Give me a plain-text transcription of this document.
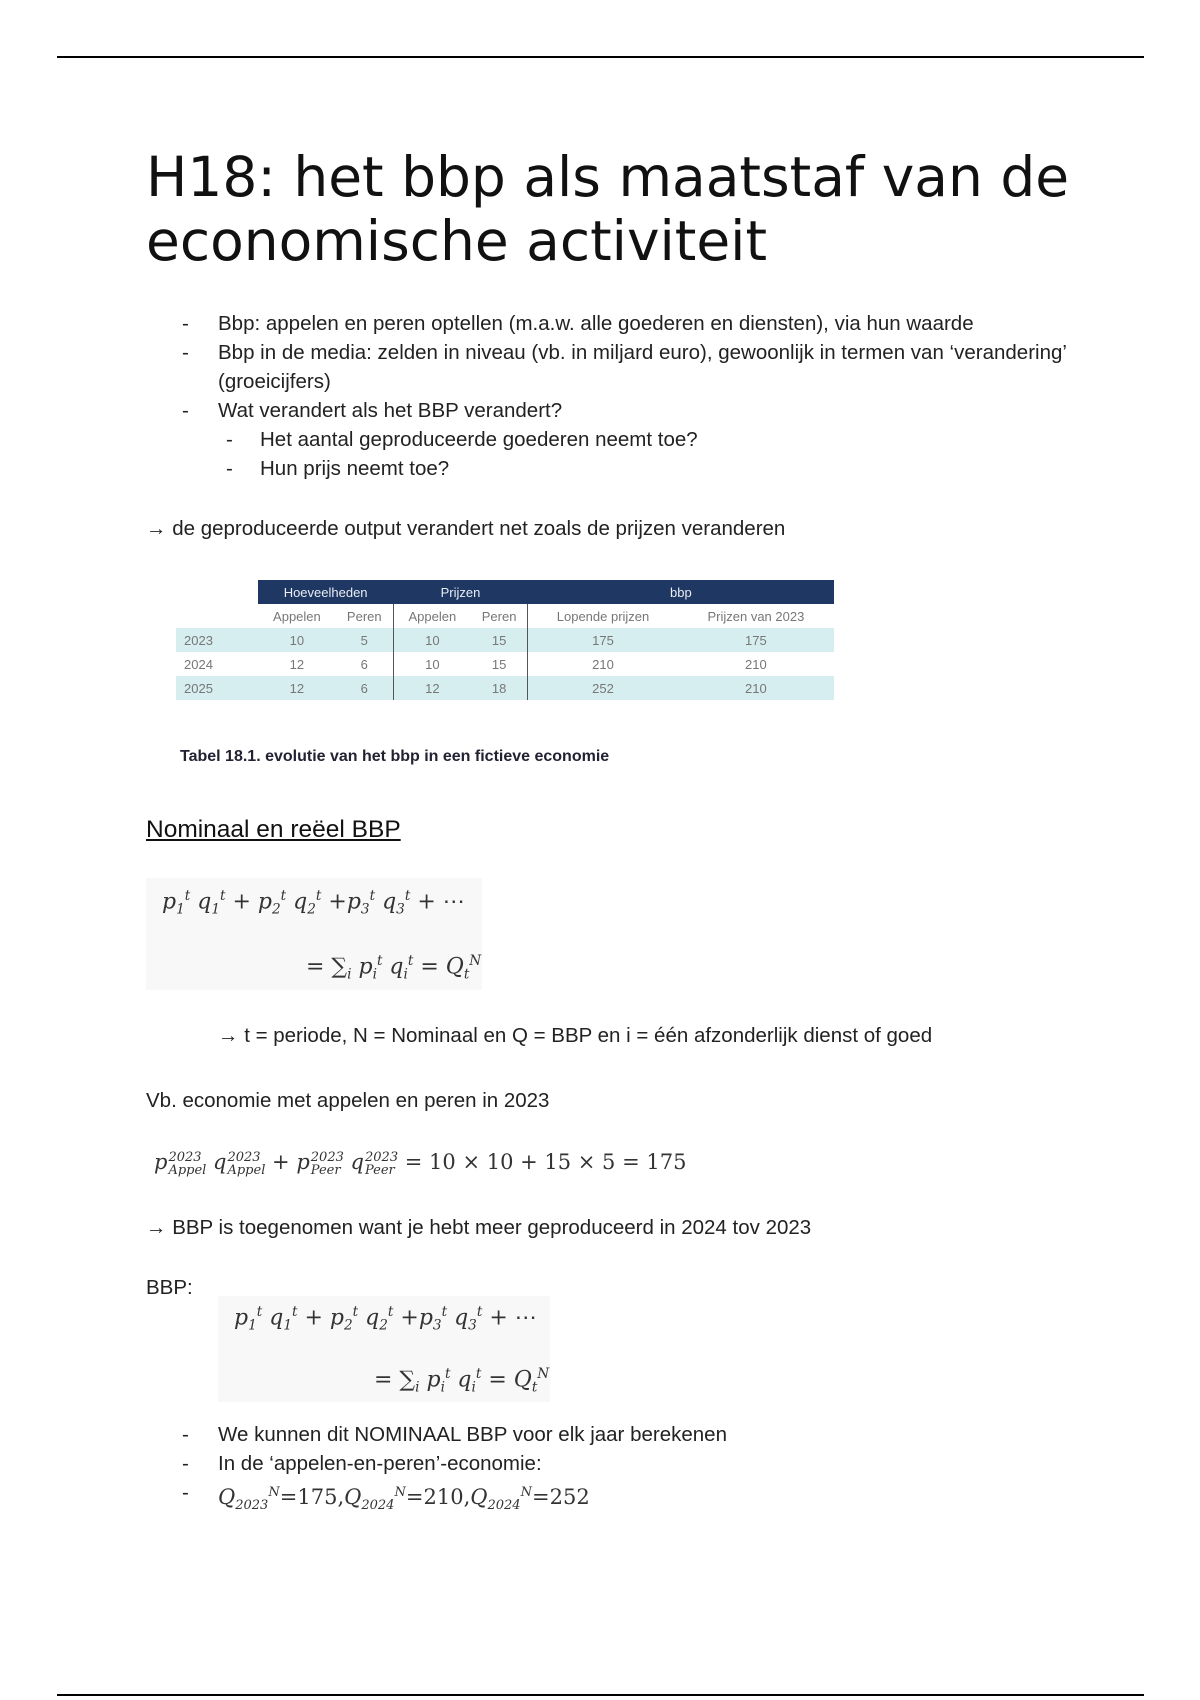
H18: het bbp als maatstaf van de economische activiteit
- Bbp: appelen en peren optellen (m.a.w. alle goederen en diensten), via hun waarde
- Bbp in de media: zelden in niveau (vb. in miljard euro), gewoonlijk in termen van ‘verandering’ (groeicijfers)
- Wat verandert als het BBP verandert?
- Het aantal geproduceerde goederen neemt toe?
- Hun prijs neemt toe?

→ de geproduceerde output verandert net zoals de prijzen veranderen

	Hoeveelheden		Prijzen		bbp	
	Appelen	Peren	Appelen	Peren	Lopende prijzen	Prijzen van 2023
2023	10	5	10	15	175	175
2024	12	6	10	15	210	210
2025	12	6	12	18	252	210
Tabel 18.1. evolutie van het bbp in een fictieve economie
Nominaal en reëel BBP
$p_1^t$ $q_1^t + p_2^t$ $q_2^t +p_3^t$ $q_3^t$ + ⋯
= $\sum_i$ $p_i^t$ $q_i^t = Q_t^N$

→ t = periode, N = Nominaal en Q = BBP en i = één afzonderlijk dienst of goed

Vb. economie met appelen en peren in 2023

p 2023
Appel q 2023
Appel + p 2023
Peer q 2023
Peer = 10 × 10 + 15 × 5 = 175

→ BBP is toegenomen want je hebt meer geproduceerd in 2024 tov 2023

BBP:

$p_1^t$ $q_1^t + p_2^t$ $q_2^t +p_3^t$ $q_3^t$ + ⋯
= $\sum_i$ $p_i^t$ $q_i^t = Q_t^N$
- We kunnen dit NOMINAAL BBP voor elk jaar berekenen
- In de ‘appelen-en-peren’-economie:
- $Q_{2023}^N=175,Q_{2024}^N=210,Q_{2024}^N=252$
